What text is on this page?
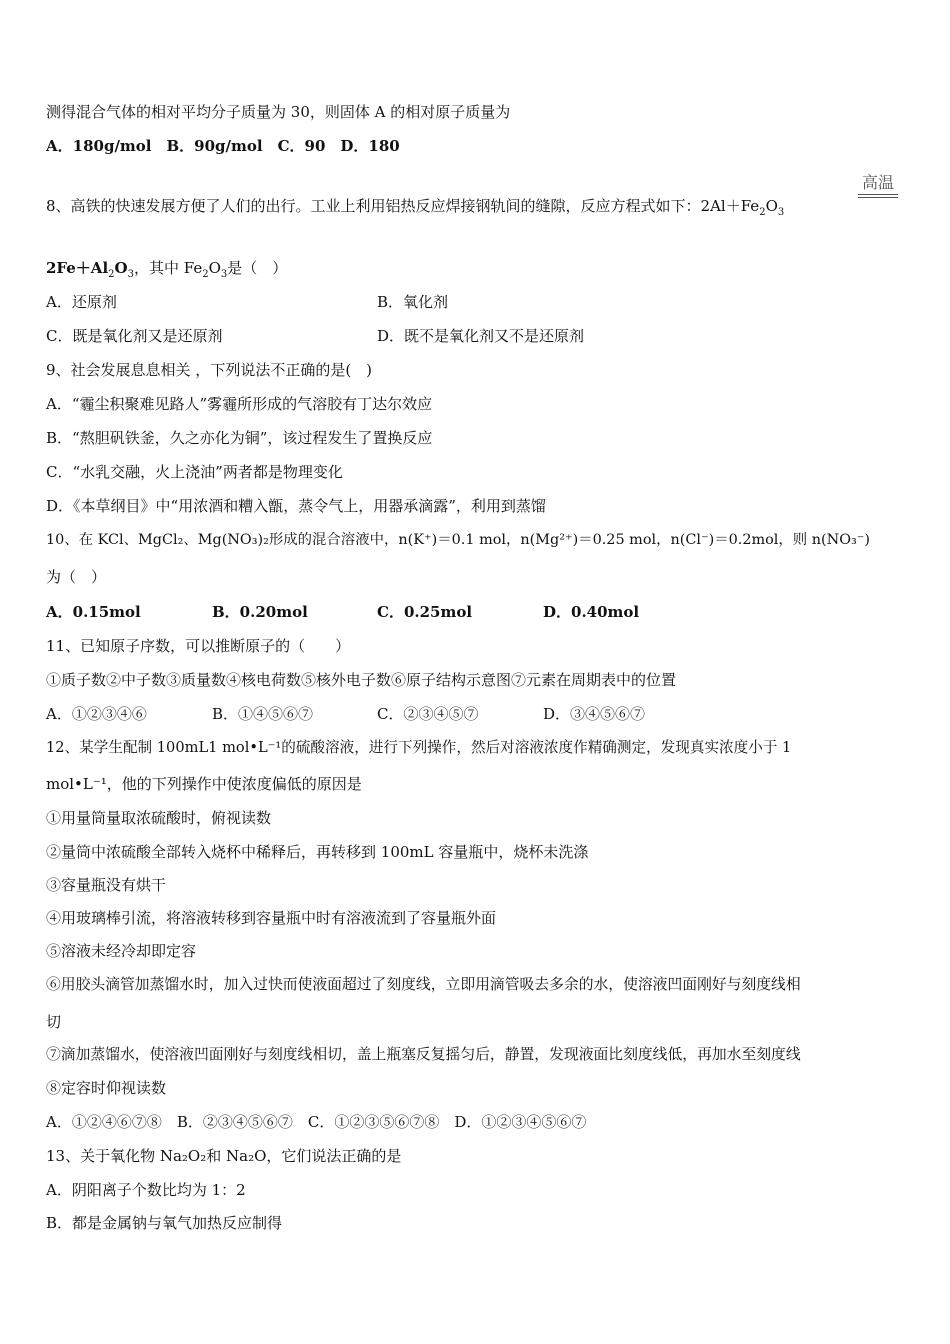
测得混合气体的相对平均分子质量为 30，则固体 A 的相对原子质量为
A．180g/mol　B．90g/mol　C．90　D．180
高温
8、高铁的快速发展方便了人们的出行。工业上利用铝热反应焊接钢轨间的缝隙，反应方程式如下：$2Al+Fe_2O_3$
$2Fe+Al_2O_3$，其中 $Fe_2O_3$是（　）
A．还原剂	B．氧化剂
C．既是氧化剂又是还原剂	D．既不是氧化剂又不是还原剂
9、社会发展息息相关 ，下列说法不正确的是(　)
A．“霾尘积聚难见路人”雾霾所形成的气溶胶有丁达尔效应
B．“熬胆矾铁釜，久之亦化为铜”，该过程发生了置换反应
C．“水乳交融，火上浇油”两者都是物理变化
D．《本草纲目》中“用浓酒和糟入甑，蒸令气上，用器承滴露”，利用到蒸馏
10、在 KCl、MgCl₂、Mg(NO₃)₂形成的混合溶液中，n(K⁺)＝0.1 mol，n(Mg²⁺)＝0.25 mol，n(Cl⁻)＝0.2mol，则 n(NO₃⁻)
为（　）
A．0.15mol	B．0.20mol	C．0.25mol	D．0.40mol
11、已知原子序数，可以推断原子的（　　）
①质子数②中子数③质量数④核电荷数⑤核外电子数⑥原子结构示意图⑦元素在周期表中的位置
A．①②③④⑥	B．①④⑤⑥⑦	C．②③④⑤⑦	D．③④⑤⑥⑦
12、某学生配制 100mL1 mol•L⁻¹的硫酸溶液，进行下列操作，然后对溶液浓度作精确测定，发现真实浓度小于 1
mol•L⁻¹，他的下列操作中使浓度偏低的原因是
①用量筒量取浓硫酸时，俯视读数
②量筒中浓硫酸全部转入烧杯中稀释后，再转移到 100mL 容量瓶中，烧杯未洗涤
③容量瓶没有烘干
④用玻璃棒引流，将溶液转移到容量瓶中时有溶液流到了容量瓶外面
⑤溶液未经冷却即定容
⑥用胶头滴管加蒸馏水时，加入过快而使液面超过了刻度线，立即用滴管吸去多余的水，使溶液凹面刚好与刻度线相
切
⑦滴加蒸馏水，使溶液凹面刚好与刻度线相切，盖上瓶塞反复摇匀后，静置，发现液面比刻度线低，再加水至刻度线
⑧定容时仰视读数
A．①②④⑥⑦⑧　B．②③④⑤⑥⑦　C．①②③⑤⑥⑦⑧　D．①②③④⑤⑥⑦
13、关于氧化物 Na₂O₂和 Na₂O，它们说法正确的是
A．阴阳离子个数比均为 1：2
B．都是金属钠与氧气加热反应制得
